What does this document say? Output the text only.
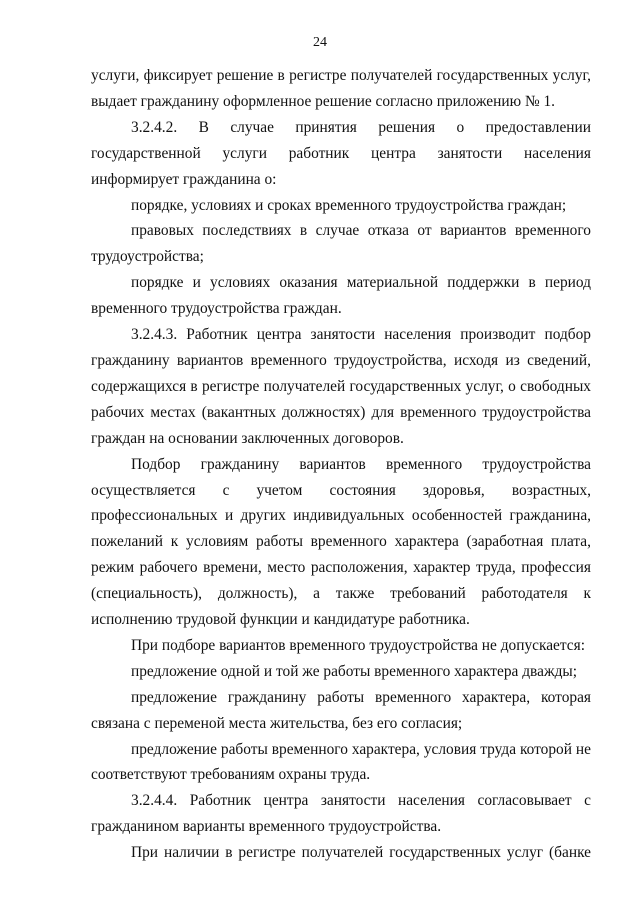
24

услуги, фиксирует решение в регистре получателей государственных услуг, выдает гражданину оформленное решение согласно приложению № 1.

3.2.4.2. В случае принятия решения о предоставлении государственной услуги работник центра занятости населения информирует гражданина о:

порядке, условиях и сроках временного трудоустройства граждан;

правовых последствиях в случае отказа от вариантов временного трудоустройства;

порядке и условиях оказания материальной поддержки в период временного трудоустройства граждан.

3.2.4.3. Работник центра занятости населения производит подбор гражданину вариантов временного трудоустройства, исходя из сведений, содержащихся в регистре получателей государственных услуг, о свободных рабочих местах (вакантных должностях) для временного трудоустройства граждан на основании заключенных договоров.

Подбор гражданину вариантов временного трудоустройства осуществляется с учетом состояния здоровья, возрастных, профессиональных и других индивидуальных особенностей гражданина, пожеланий к условиям работы временного характера (заработная плата, режим рабочего времени, место расположения, характер труда, профессия (специальность), должность), а также требований работодателя к исполнению трудовой функции и кандидатуре работника.

При подборе вариантов временного трудоустройства не допускается:

предложение одной и той же работы временного характера дважды;

предложение гражданину работы временного характера, которая связана с переменой места жительства, без его согласия;

предложение работы временного характера, условия труда которой не соответствуют требованиям охраны труда.

3.2.4.4. Работник центра занятости населения согласовывает с гражданином варианты временного трудоустройства.

При наличии в регистре получателей государственных услуг (банке
